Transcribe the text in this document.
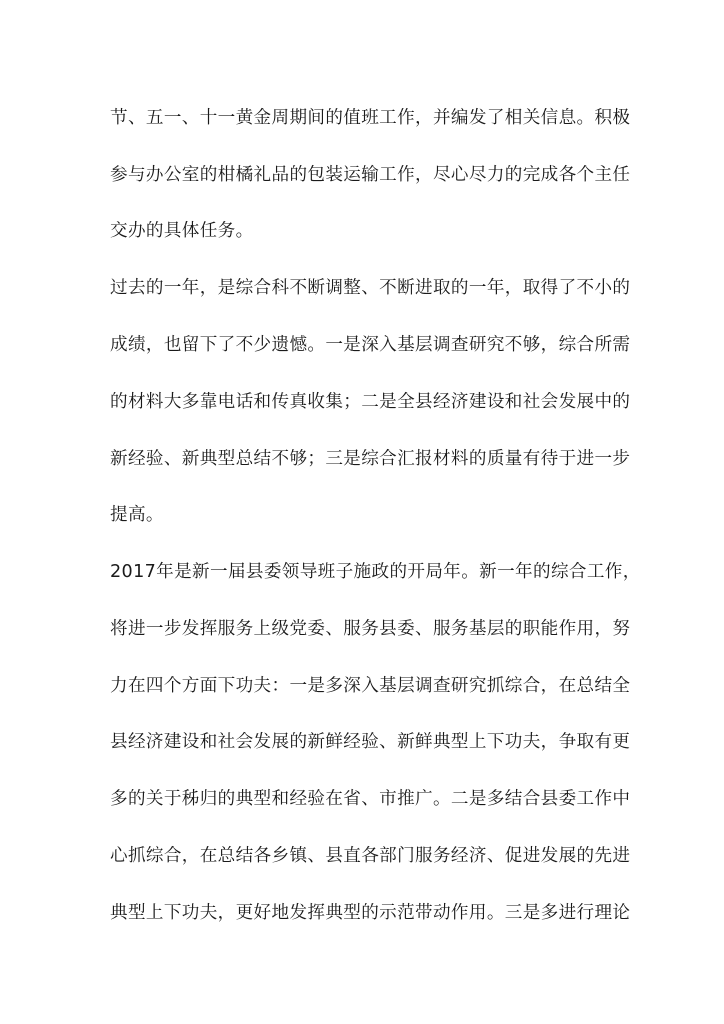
节、五一、十一黄金周期间的值班工作，并编发了相关信息。积极
参与办公室的柑橘礼品的包装运输工作，尽心尽力的完成各个主任
交办的具体任务。
过去的一年，是综合科不断调整、不断进取的一年，取得了不小的
成绩，也留下了不少遗憾。一是深入基层调查研究不够，综合所需
的材料大多靠电话和传真收集；二是全县经济建设和社会发展中的
新经验、新典型总结不够；三是综合汇报材料的质量有待于进一步
提高。
2017年是新一届县委领导班子施政的开局年。新一年的综合工作，
将进一步发挥服务上级党委、服务县委、服务基层的职能作用，努
力在四个方面下功夫：一是多深入基层调查研究抓综合，在总结全
县经济建设和社会发展的新鲜经验、新鲜典型上下功夫，争取有更
多的关于秭归的典型和经验在省、市推广。二是多结合县委工作中
心抓综合，在总结各乡镇、县直各部门服务经济、促进发展的先进
典型上下功夫，更好地发挥典型的示范带动作用。三是多进行理论
